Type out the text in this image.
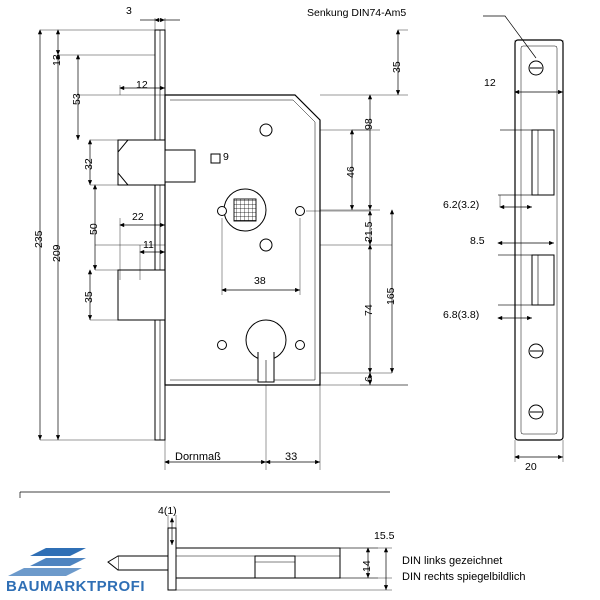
Senkung DIN74-Am5
3
235
209
13
53
32
50
35
12
22
11
9
38
35
98
46
21.5
74
165
6
Dornmaß	33
12
6.2(3.2)
8.5
6.8(3.8)
20
4(1)
15.5
14	DIN links gezeichnet
DIN rechts spiegelbildlich
BAUMARKTPROFI
